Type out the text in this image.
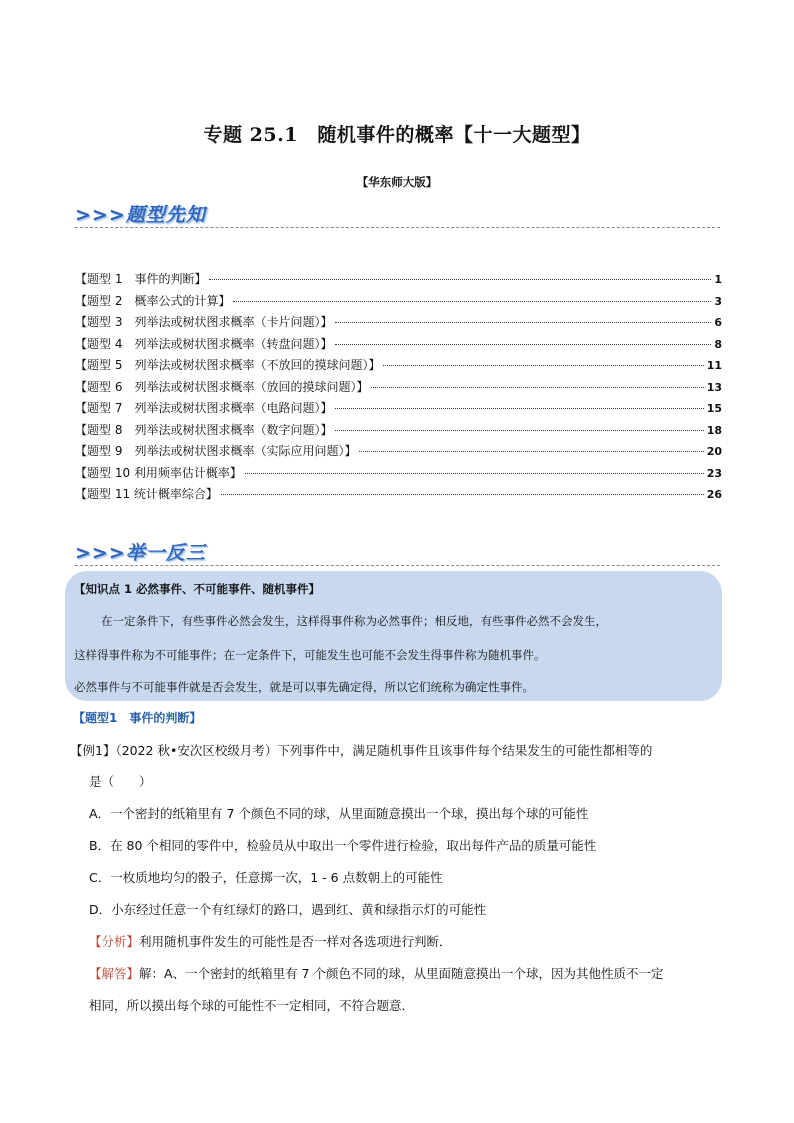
专题 25.1　随机事件的概率【十一大题型】
【华东师大版】
>>>题型先知
【题型 1　事件的判断】	1
【题型 2　概率公式的计算】	3
【题型 3　列举法或树状图求概率（卡片问题）】	6
【题型 4　列举法或树状图求概率（转盘问题）】	8
【题型 5　列举法或树状图求概率（不放回的摸球问题）】	11
【题型 6　列举法或树状图求概率（放回的摸球问题）】	13
【题型 7　列举法或树状图求概率（电路问题）】	15
【题型 8　列举法或树状图求概率（数字问题）】	18
【题型 9　列举法或树状图求概率（实际应用问题）】	20
【题型 10 利用频率估计概率】	23
【题型 11 统计概率综合】	26
>>>举一反三
【知识点 1 必然事件、不可能事件、随机事件】
在一定条件下，有些事件必然会发生，这样得事件称为必然事件；相反地，有些事件必然不会发生，
这样得事件称为不可能事件；在一定条件下，可能发生也可能不会发生得事件称为随机事件。
必然事件与不可能事件就是否会发生，就是可以事先确定得，所以它们统称为确定性事件。
【题型1　事件的判断】
【例1】（2022 秋•安次区校级月考）下列事件中，满足随机事件且该事件每个结果发生的可能性都相等的
是（　　）
A．一个密封的纸箱里有 7 个颜色不同的球，从里面随意摸出一个球，摸出每个球的可能性
B．在 80 个相同的零件中，检验员从中取出一个零件进行检验，取出每件产品的质量可能性
C．一枚质地均匀的骰子，任意掷一次，1 - 6 点数朝上的可能性
D．小东经过任意一个有红绿灯的路口，遇到红、黄和绿指示灯的可能性
【分析】利用随机事件发生的可能性是否一样对各选项进行判断．
【解答】解：A、一个密封的纸箱里有 7 个颜色不同的球，从里面随意摸出一个球，因为其他性质不一定
相同，所以摸出每个球的可能性不一定相同，不符合题意．
